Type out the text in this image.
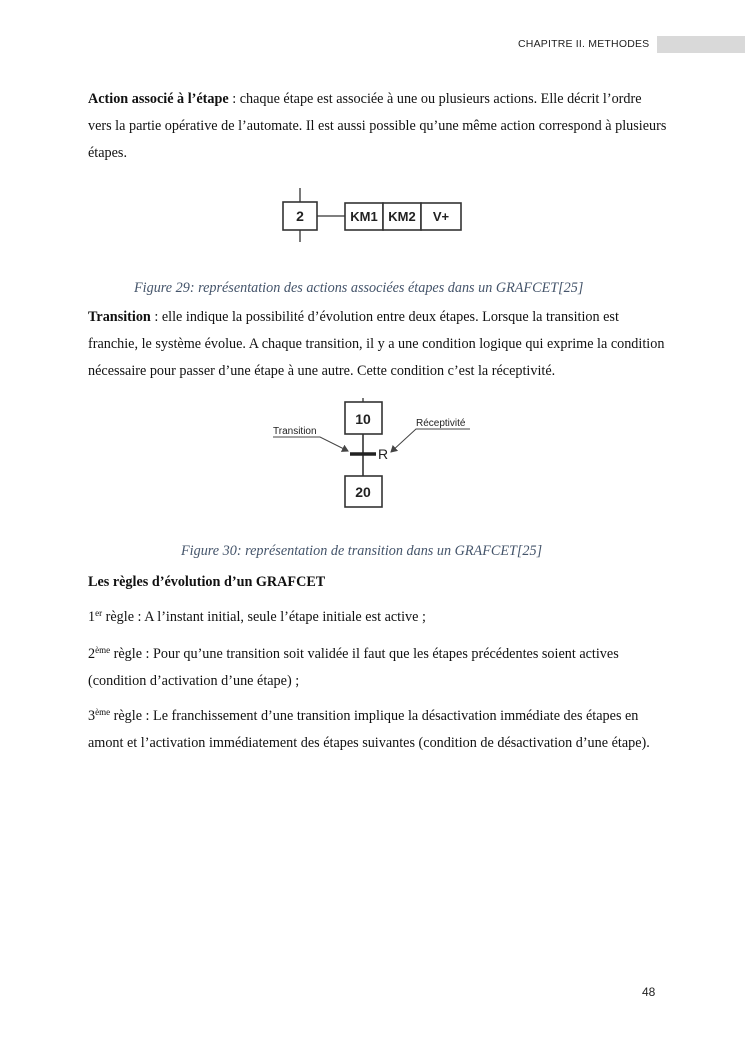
CHAPITRE II. METHODES

Action associé à l’étape : chaque étape est associée à une ou plusieurs actions. Elle décrit l’ordre vers la partie opérative de l’automate. Il est aussi possible qu’une même action correspond à plusieurs étapes.

2	KM1 KM2 V+
Figure 29: représentation des actions associées étapes dans un GRAFCET[25]

Transition : elle indique la possibilité d’évolution entre deux étapes. Lorsque la transition est franchie, le système évolue. A chaque transition, il y a une condition logique qui exprime la condition nécessaire pour passer d’une étape à une autre. Cette condition c’est la réceptivité.

10
R
20
Transition
Réceptivité
Figure 30: représentation de transition dans un GRAFCET[25]

Les règles d’évolution d’un GRAFCET

1er règle : A l’instant initial, seule l’étape initiale est active ;

2ème règle : Pour qu’une transition soit validée il faut que les étapes précédentes soient actives (condition d’activation d’une étape) ;

3ème règle : Le franchissement d’une transition implique la désactivation immédiate des étapes en amont et l’activation immédiatement des étapes suivantes (condition de désactivation d’une étape).

48
